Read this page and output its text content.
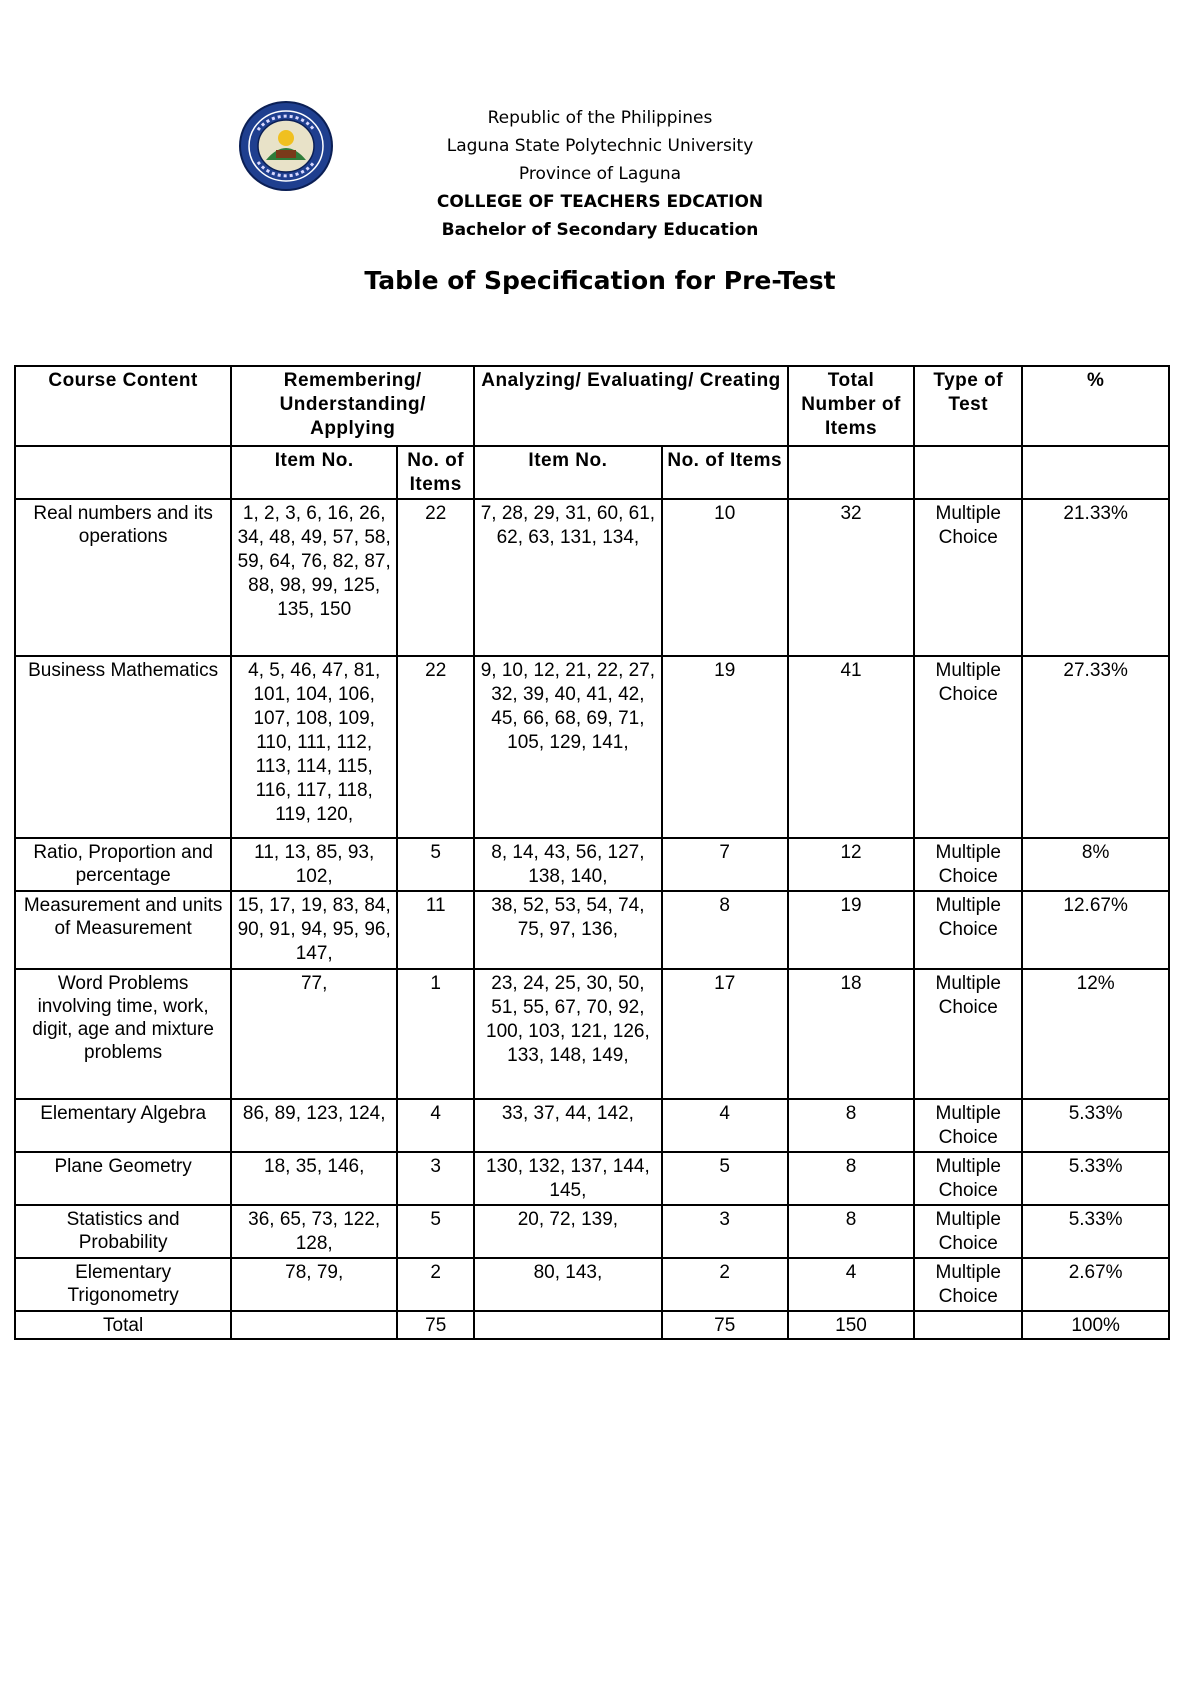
Republic of the Philippines
Laguna State Polytechnic University
Province of Laguna
COLLEGE OF TEACHERS EDCATION
Bachelor of Secondary Education
Table of Specification for Pre-Test
Course Content	Remembering/ Understanding/ Applying		Analyzing/ Evaluating/ Creating		Total Number of Items	Type of Test	%
	Item No.	No. of Items	Item No.	No. of Items			
Real numbers and its operations	1, 2, 3, 6, 16, 26, 34, 48, 49, 57, 58, 59, 64, 76, 82, 87, 88, 98, 99, 125, 135, 150	22	7, 28, 29, 31, 60, 61, 62, 63, 131, 134,	10	32	Multiple Choice	21.33%
Business Mathematics	4, 5, 46, 47, 81, 101, 104, 106, 107, 108, 109, 110, 111, 112, 113, 114, 115, 116, 117, 118, 119, 120,	22	9, 10, 12, 21, 22, 27, 32, 39, 40, 41, 42, 45, 66, 68, 69, 71, 105, 129, 141,	19	41	Multiple Choice	27.33%
Ratio, Proportion and percentage	11, 13, 85, 93, 102,	5	8, 14, 43, 56, 127, 138, 140,	7	12	Multiple Choice	8%
Measurement and units of Measurement	15, 17, 19, 83, 84, 90, 91, 94, 95, 96, 147,	11	38, 52, 53, 54, 74, 75, 97, 136,	8	19	Multiple Choice	12.67%
Word Problems involving time, work, digit, age and mixture problems	77,	1	23, 24, 25, 30, 50, 51, 55, 67, 70, 92, 100, 103, 121, 126, 133, 148, 149,	17	18	Multiple Choice	12%
Elementary Algebra	86, 89, 123, 124,	4	33, 37, 44, 142,	4	8	Multiple Choice	5.33%
Plane Geometry	18, 35, 146,	3	130, 132, 137, 144, 145,	5	8	Multiple Choice	5.33%
Statistics and Probability	36, 65, 73, 122, 128,	5	20, 72, 139,	3	8	Multiple Choice	5.33%
Elementary Trigonometry	78, 79,	2	80, 143,	2	4	Multiple Choice	2.67%
Total		75		75	150		100%
